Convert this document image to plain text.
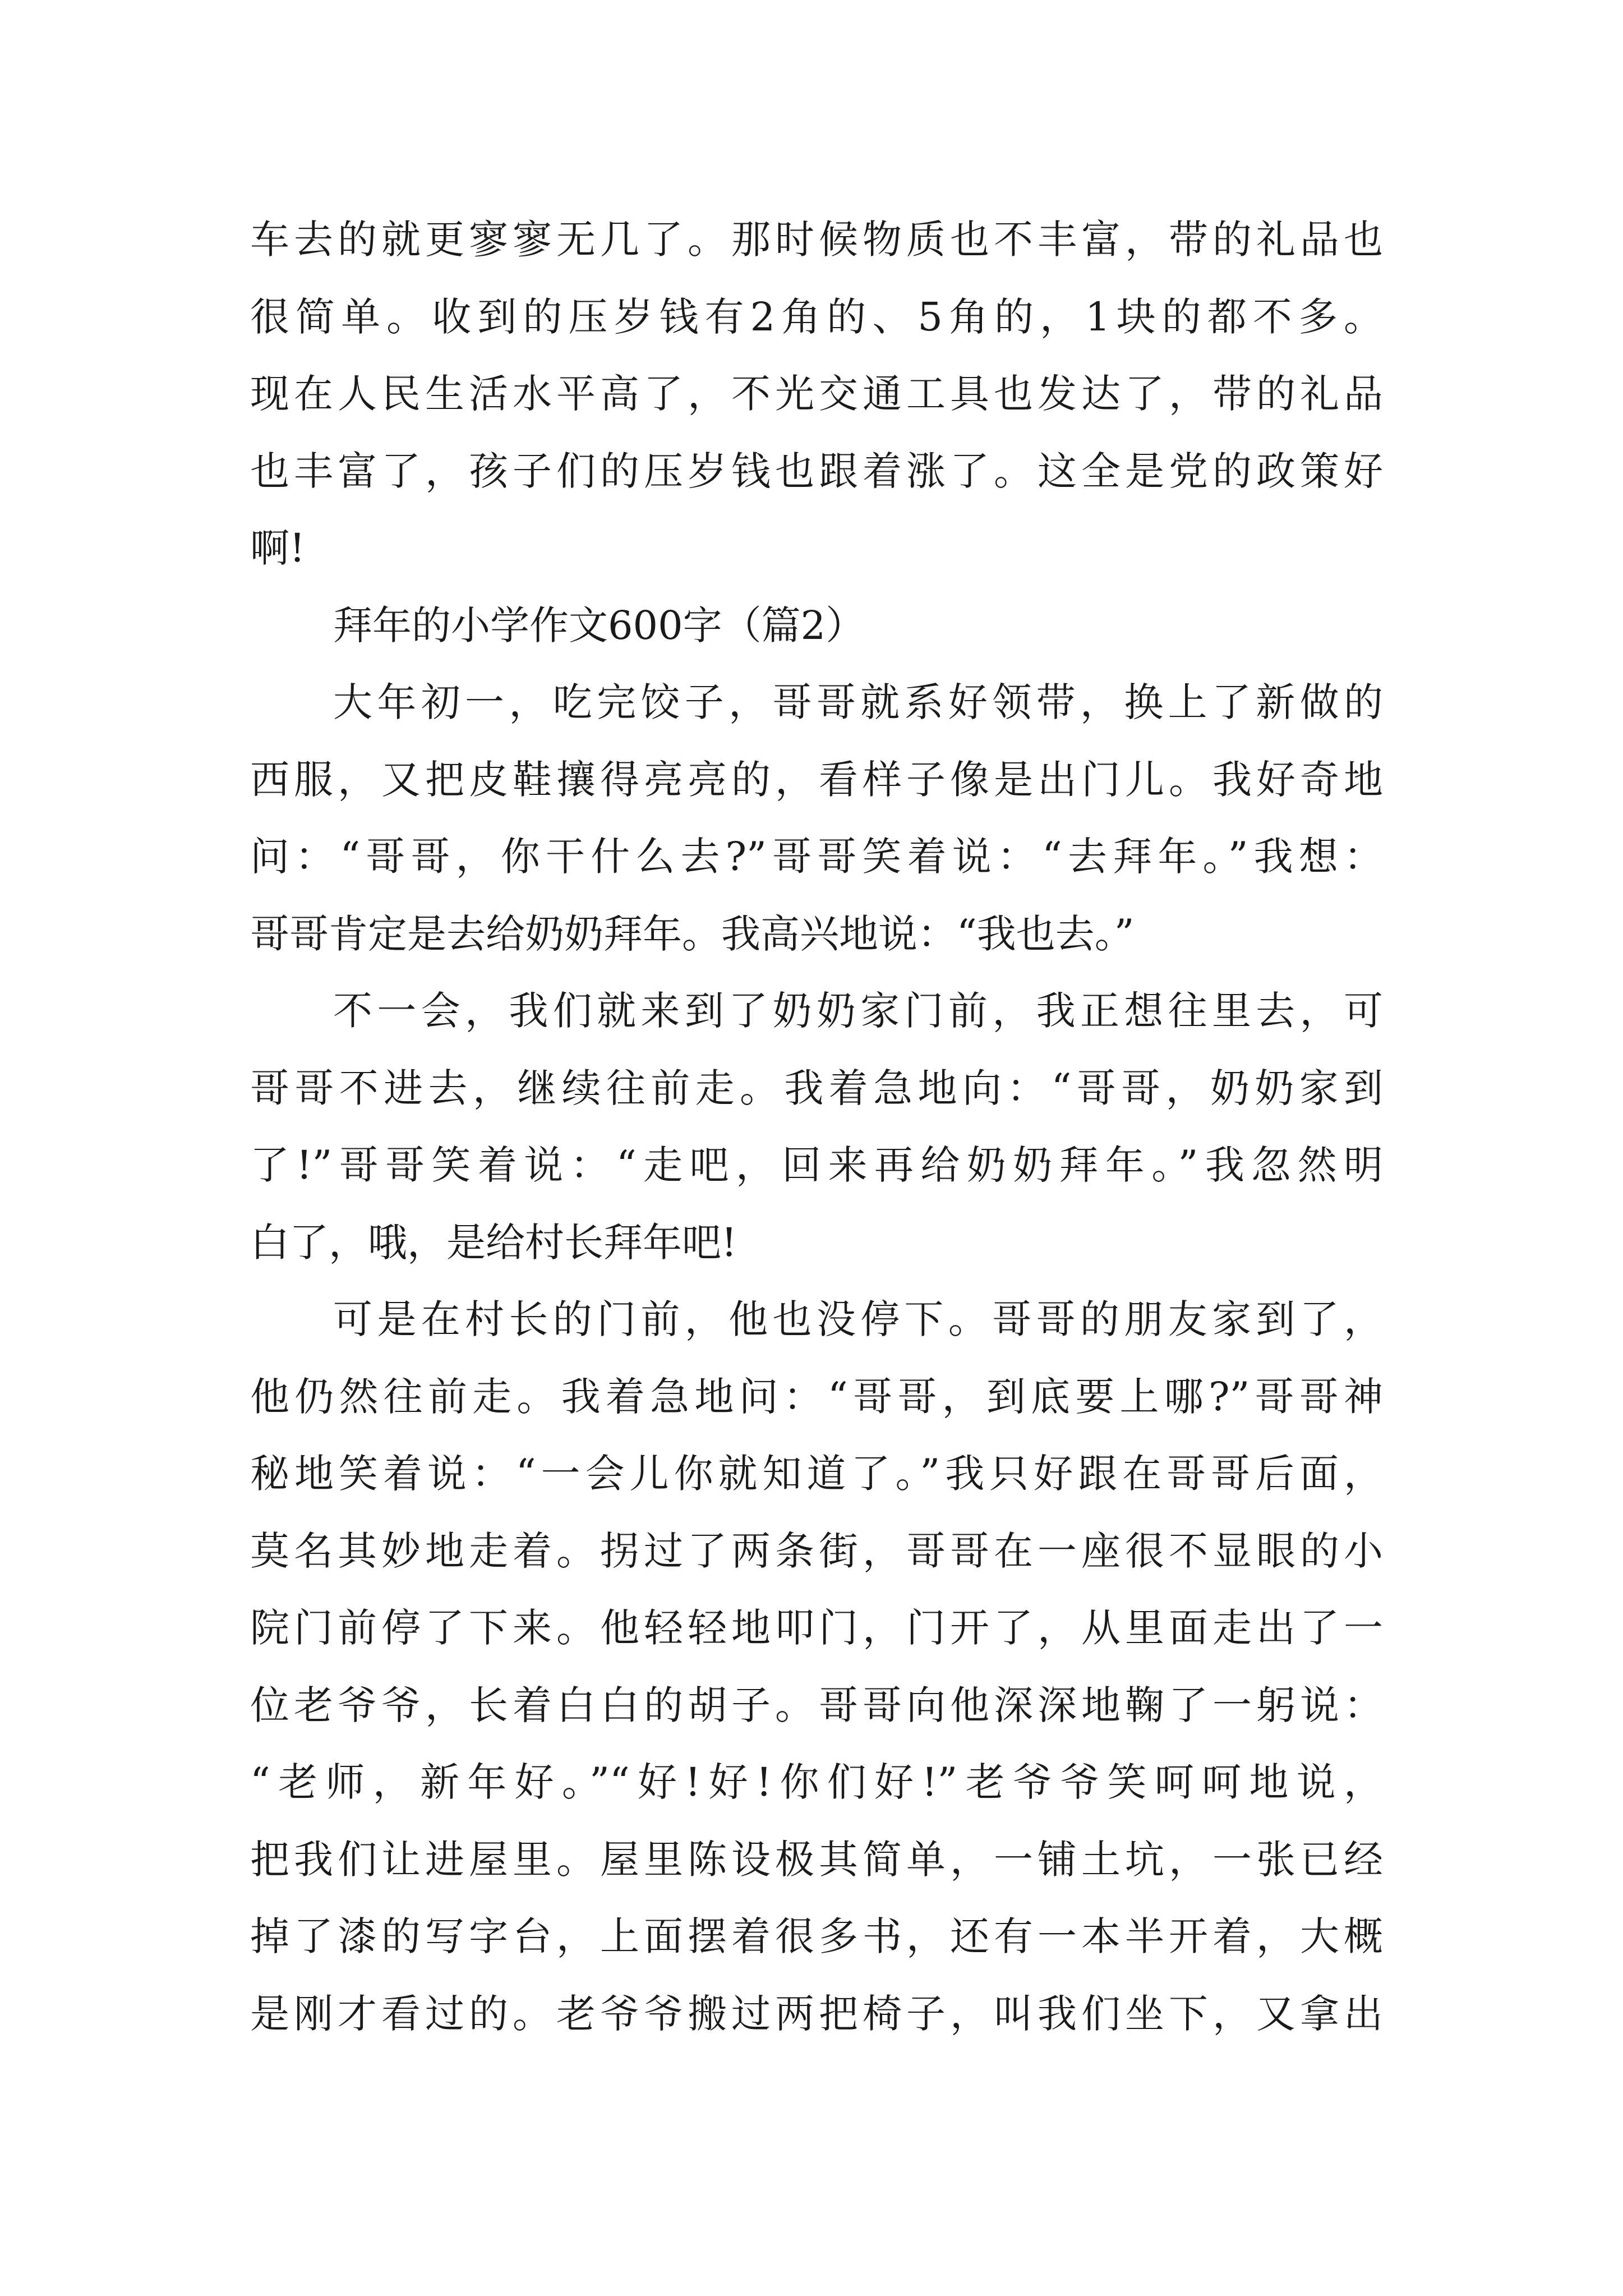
车去的就更寥寥无几了。那时候物质也不丰富，带的礼品也
很简单。收到的压岁钱有2角的、5角的，1块的都不多。
现在人民生活水平高了，不光交通工具也发达了，带的礼品
也丰富了，孩子们的压岁钱也跟着涨了。这全是党的政策好
啊!
拜年的小学作文600字（篇2）
大年初一，吃完饺子，哥哥就系好领带，换上了新做的
西服，又把皮鞋攘得亮亮的，看样子像是出门儿。我好奇地
问：“哥哥，你干什么去?”哥哥笑着说：“去拜年。”我想：
哥哥肯定是去给奶奶拜年。我高兴地说：“我也去。”
不一会，我们就来到了奶奶家门前，我正想往里去，可
哥哥不进去，继续往前走。我着急地向：“哥哥，奶奶家到
了!”哥哥笑着说：“走吧，回来再给奶奶拜年。”我忽然明
白了，哦，是给村长拜年吧!
可是在村长的门前，他也没停下。哥哥的朋友家到了，
他仍然往前走。我着急地问：“哥哥，到底要上哪?”哥哥神
秘地笑着说：“一会儿你就知道了。”我只好跟在哥哥后面，
莫名其妙地走着。拐过了两条街，哥哥在一座很不显眼的小
院门前停了下来。他轻轻地叩门，门开了，从里面走出了一
位老爷爷，长着白白的胡子。哥哥向他深深地鞠了一躬说：
“老师，新年好。”“好!好!你们好!”老爷爷笑呵呵地说，
把我们让进屋里。屋里陈设极其简单，一铺土坑，一张已经
掉了漆的写字台，上面摆着很多书，还有一本半开着，大概
是刚才看过的。老爷爷搬过两把椅子，叫我们坐下，又拿出
